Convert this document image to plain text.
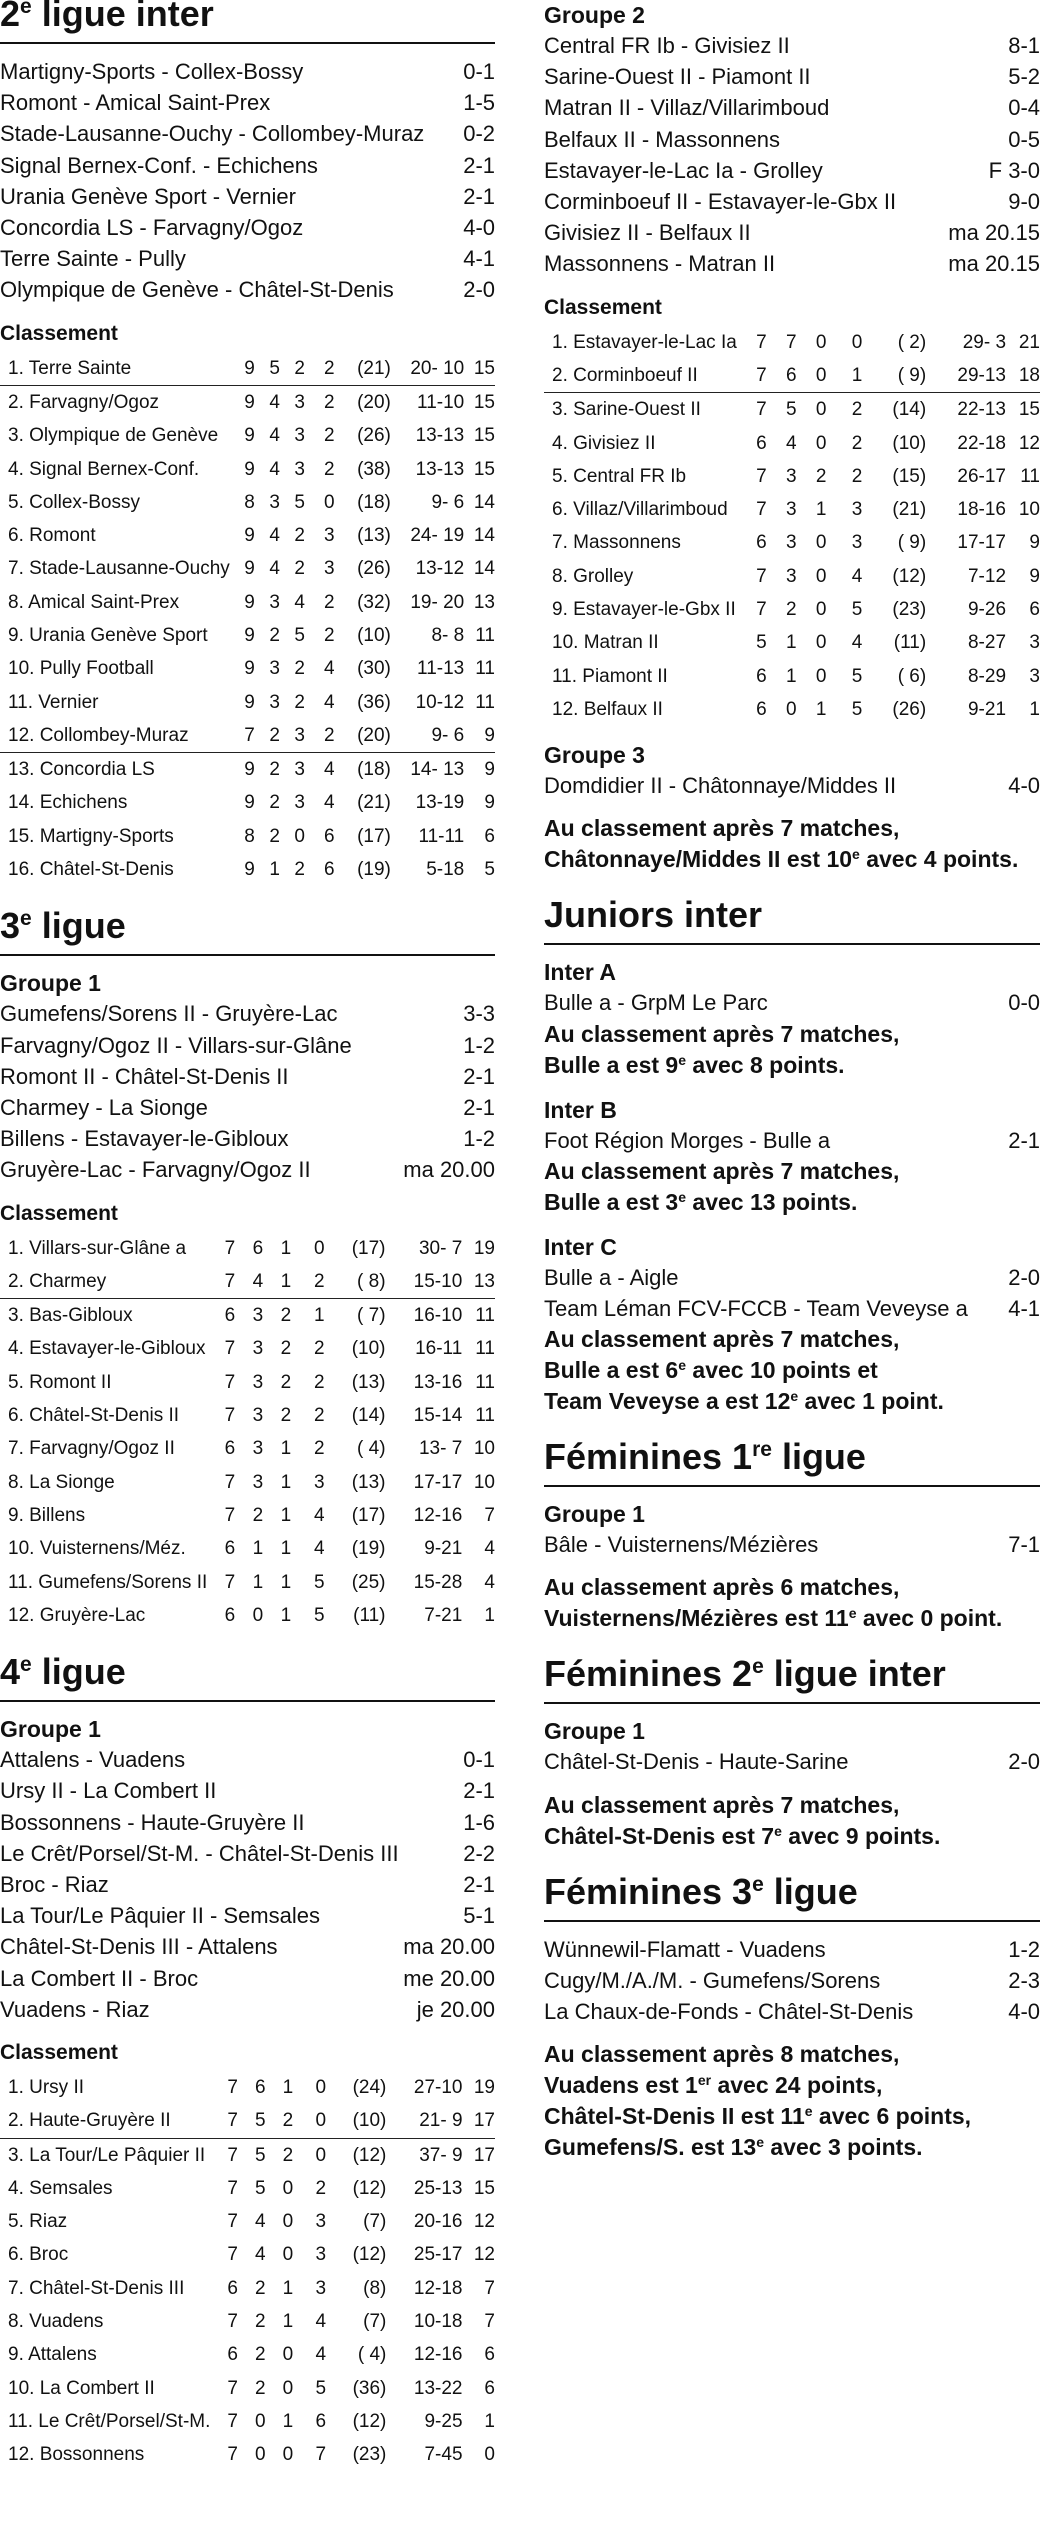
2e ligue inter
Martigny-Sports - Collex-Bossy	0-1
Romont - Amical Saint-Prex	1-5
Stade-Lausanne-Ouchy - Collombey-Muraz	0-2
Signal Bernex-Conf. - Echichens	2-1
Urania Genève Sport - Vernier	2-1
Concordia LS - Farvagny/Ogoz	4-0
Terre Sainte - Pully	4-1
Olympique de Genève - Châtel-St-Denis	2-0
Classement
1. Terre Sainte	9	5	2	2	(21)	20- 10	15
2. Farvagny/Ogoz	9	4	3	2	(20)	11-10	15
3. Olympique de Genève	9	4	3	2	(26)	13-13	15
4. Signal Bernex-Conf.	9	4	3	2	(38)	13-13	15
5. Collex-Bossy	8	3	5	0	(18)	9- 6	14
6. Romont	9	4	2	3	(13)	24- 19	14
7. Stade-Lausanne-Ouchy	9	4	2	3	(26)	13-12	14
8. Amical Saint-Prex	9	3	4	2	(32)	19- 20	13
9. Urania Genève Sport	9	2	5	2	(10)	8- 8	11
10. Pully Football	9	3	2	4	(30)	11-13	11
11. Vernier	9	3	2	4	(36)	10-12	11
12. Collombey-Muraz	7	2	3	2	(20)	9- 6	9
13. Concordia LS	9	2	3	4	(18)	14- 13	9
14. Echichens	9	2	3	4	(21)	13-19	9
15. Martigny-Sports	8	2	0	6	(17)	11-11	6
16. Châtel-St-Denis	9	1	2	6	(19)	5-18	5
3e ligue
Groupe 1
Gumefens/Sorens II - Gruyère-Lac	3-3
Farvagny/Ogoz II - Villars-sur-Glâne	1-2
Romont II - Châtel-St-Denis II	2-1
Charmey - La Sionge	2-1
Billens - Estavayer-le-Gibloux	1-2
Gruyère-Lac - Farvagny/Ogoz II	ma 20.00
Classement
1. Villars-sur-Glâne a	7	6	1	0	(17)	30- 7	19
2. Charmey	7	4	1	2	( 8)	15-10	13
3. Bas-Gibloux	6	3	2	1	( 7)	16-10	11
4. Estavayer-le-Gibloux	7	3	2	2	(10)	16-11	11
5. Romont II	7	3	2	2	(13)	13-16	11
6. Châtel-St-Denis II	7	3	2	2	(14)	15-14	11
7. Farvagny/Ogoz II	6	3	1	2	( 4)	13- 7	10
8. La Sionge	7	3	1	3	(13)	17-17	10
9. Billens	7	2	1	4	(17)	12-16	7
10. Vuisternens/Méz.	6	1	1	4	(19)	9-21	4
11. Gumefens/Sorens II	7	1	1	5	(25)	15-28	4
12. Gruyère-Lac	6	0	1	5	(11)	7-21	1
4e ligue
Groupe 1
Attalens - Vuadens	0-1
Ursy II - La Combert II	2-1
Bossonnens - Haute-Gruyère II	1-6
Le Crêt/Porsel/St-M. - Châtel-St-Denis III	2-2
Broc - Riaz	2-1
La Tour/Le Pâquier II - Semsales	5-1
Châtel-St-Denis III - Attalens	ma 20.00
La Combert II - Broc	me 20.00
Vuadens - Riaz	je 20.00
Classement
1. Ursy II	7	6	1	0	(24)	27-10	19
2. Haute-Gruyère II	7	5	2	0	(10)	21- 9	17
3. La Tour/Le Pâquier II	7	5	2	0	(12)	37- 9	17
4. Semsales	7	5	0	2	(12)	25-13	15
5. Riaz	7	4	0	3	(7)	20-16	12
6. Broc	7	4	0	3	(12)	25-17	12
7. Châtel-St-Denis III	6	2	1	3	(8)	12-18	7
8. Vuadens	7	2	1	4	(7)	10-18	7
9. Attalens	6	2	0	4	( 4)	12-16	6
10. La Combert II	7	2	0	5	(36)	13-22	6
11. Le Crêt/Porsel/St-M.	7	0	1	6	(12)	9-25	1
12. Bossonnens	7	0	0	7	(23)	7-45	0
Groupe 2
Central FR Ib - Givisiez II	8-1
Sarine-Ouest II - Piamont II	5-2
Matran II - Villaz/Villarimboud	0-4
Belfaux II - Massonnens	0-5
Estavayer-le-Lac Ia - Grolley	F 3-0
Corminboeuf II - Estavayer-le-Gbx II	9-0
Givisiez II - Belfaux II	ma 20.15
Massonnens - Matran II	ma 20.15
Classement
1. Estavayer-le-Lac Ia	7	7	0	0	( 2)	29- 3	21
2. Corminboeuf II	7	6	0	1	( 9)	29-13	18
3. Sarine-Ouest II	7	5	0	2	(14)	22-13	15
4. Givisiez II	6	4	0	2	(10)	22-18	12
5. Central FR Ib	7	3	2	2	(15)	26-17	11
6. Villaz/Villarimboud	7	3	1	3	(21)	18-16	10
7. Massonnens	6	3	0	3	( 9)	17-17	9
8. Grolley	7	3	0	4	(12)	7-12	9
9. Estavayer-le-Gbx II	7	2	0	5	(23)	9-26	6
10. Matran II	5	1	0	4	(11)	8-27	3
11. Piamont II	6	1	0	5	( 6)	8-29	3
12. Belfaux II	6	0	1	5	(26)	9-21	1
Groupe 3
Domdidier II - Châtonnaye/Middes II	4-0
Au classement après 7 matches,
Châtonnaye/Middes II est 10e avec 4 points.
Juniors inter
Inter A
Bulle a - GrpM Le Parc	0-0
Au classement après 7 matches,
Bulle a est 9e avec 8 points.
Inter B
Foot Région Morges - Bulle a	2-1
Au classement après 7 matches,
Bulle a est 3e avec 13 points.
Inter C
Bulle a - Aigle	2-0
Team Léman FCV-FCCB - Team Veveyse a	4-1
Au classement après 7 matches,
Bulle a est 6e avec 10 points et
Team Veveyse a est 12e avec 1 point.
Féminines 1re ligue
Groupe 1
Bâle - Vuisternens/Mézières	7-1
Au classement après 6 matches,
Vuisternens/Mézières est 11e avec 0 point.
Féminines 2e ligue inter
Groupe 1
Châtel-St-Denis - Haute-Sarine	2-0
Au classement après 7 matches,
Châtel-St-Denis est 7e avec 9 points.
Féminines 3e ligue
Wünnewil-Flamatt - Vuadens	1-2
Cugy/M./A./M. - Gumefens/Sorens	2-3
La Chaux-de-Fonds - Châtel-St-Denis	4-0
Au classement après 8 matches,
Vuadens est 1er avec 24 points,
Châtel-St-Denis II est 11e avec 6 points,
Gumefens/S. est 13e avec 3 points.
